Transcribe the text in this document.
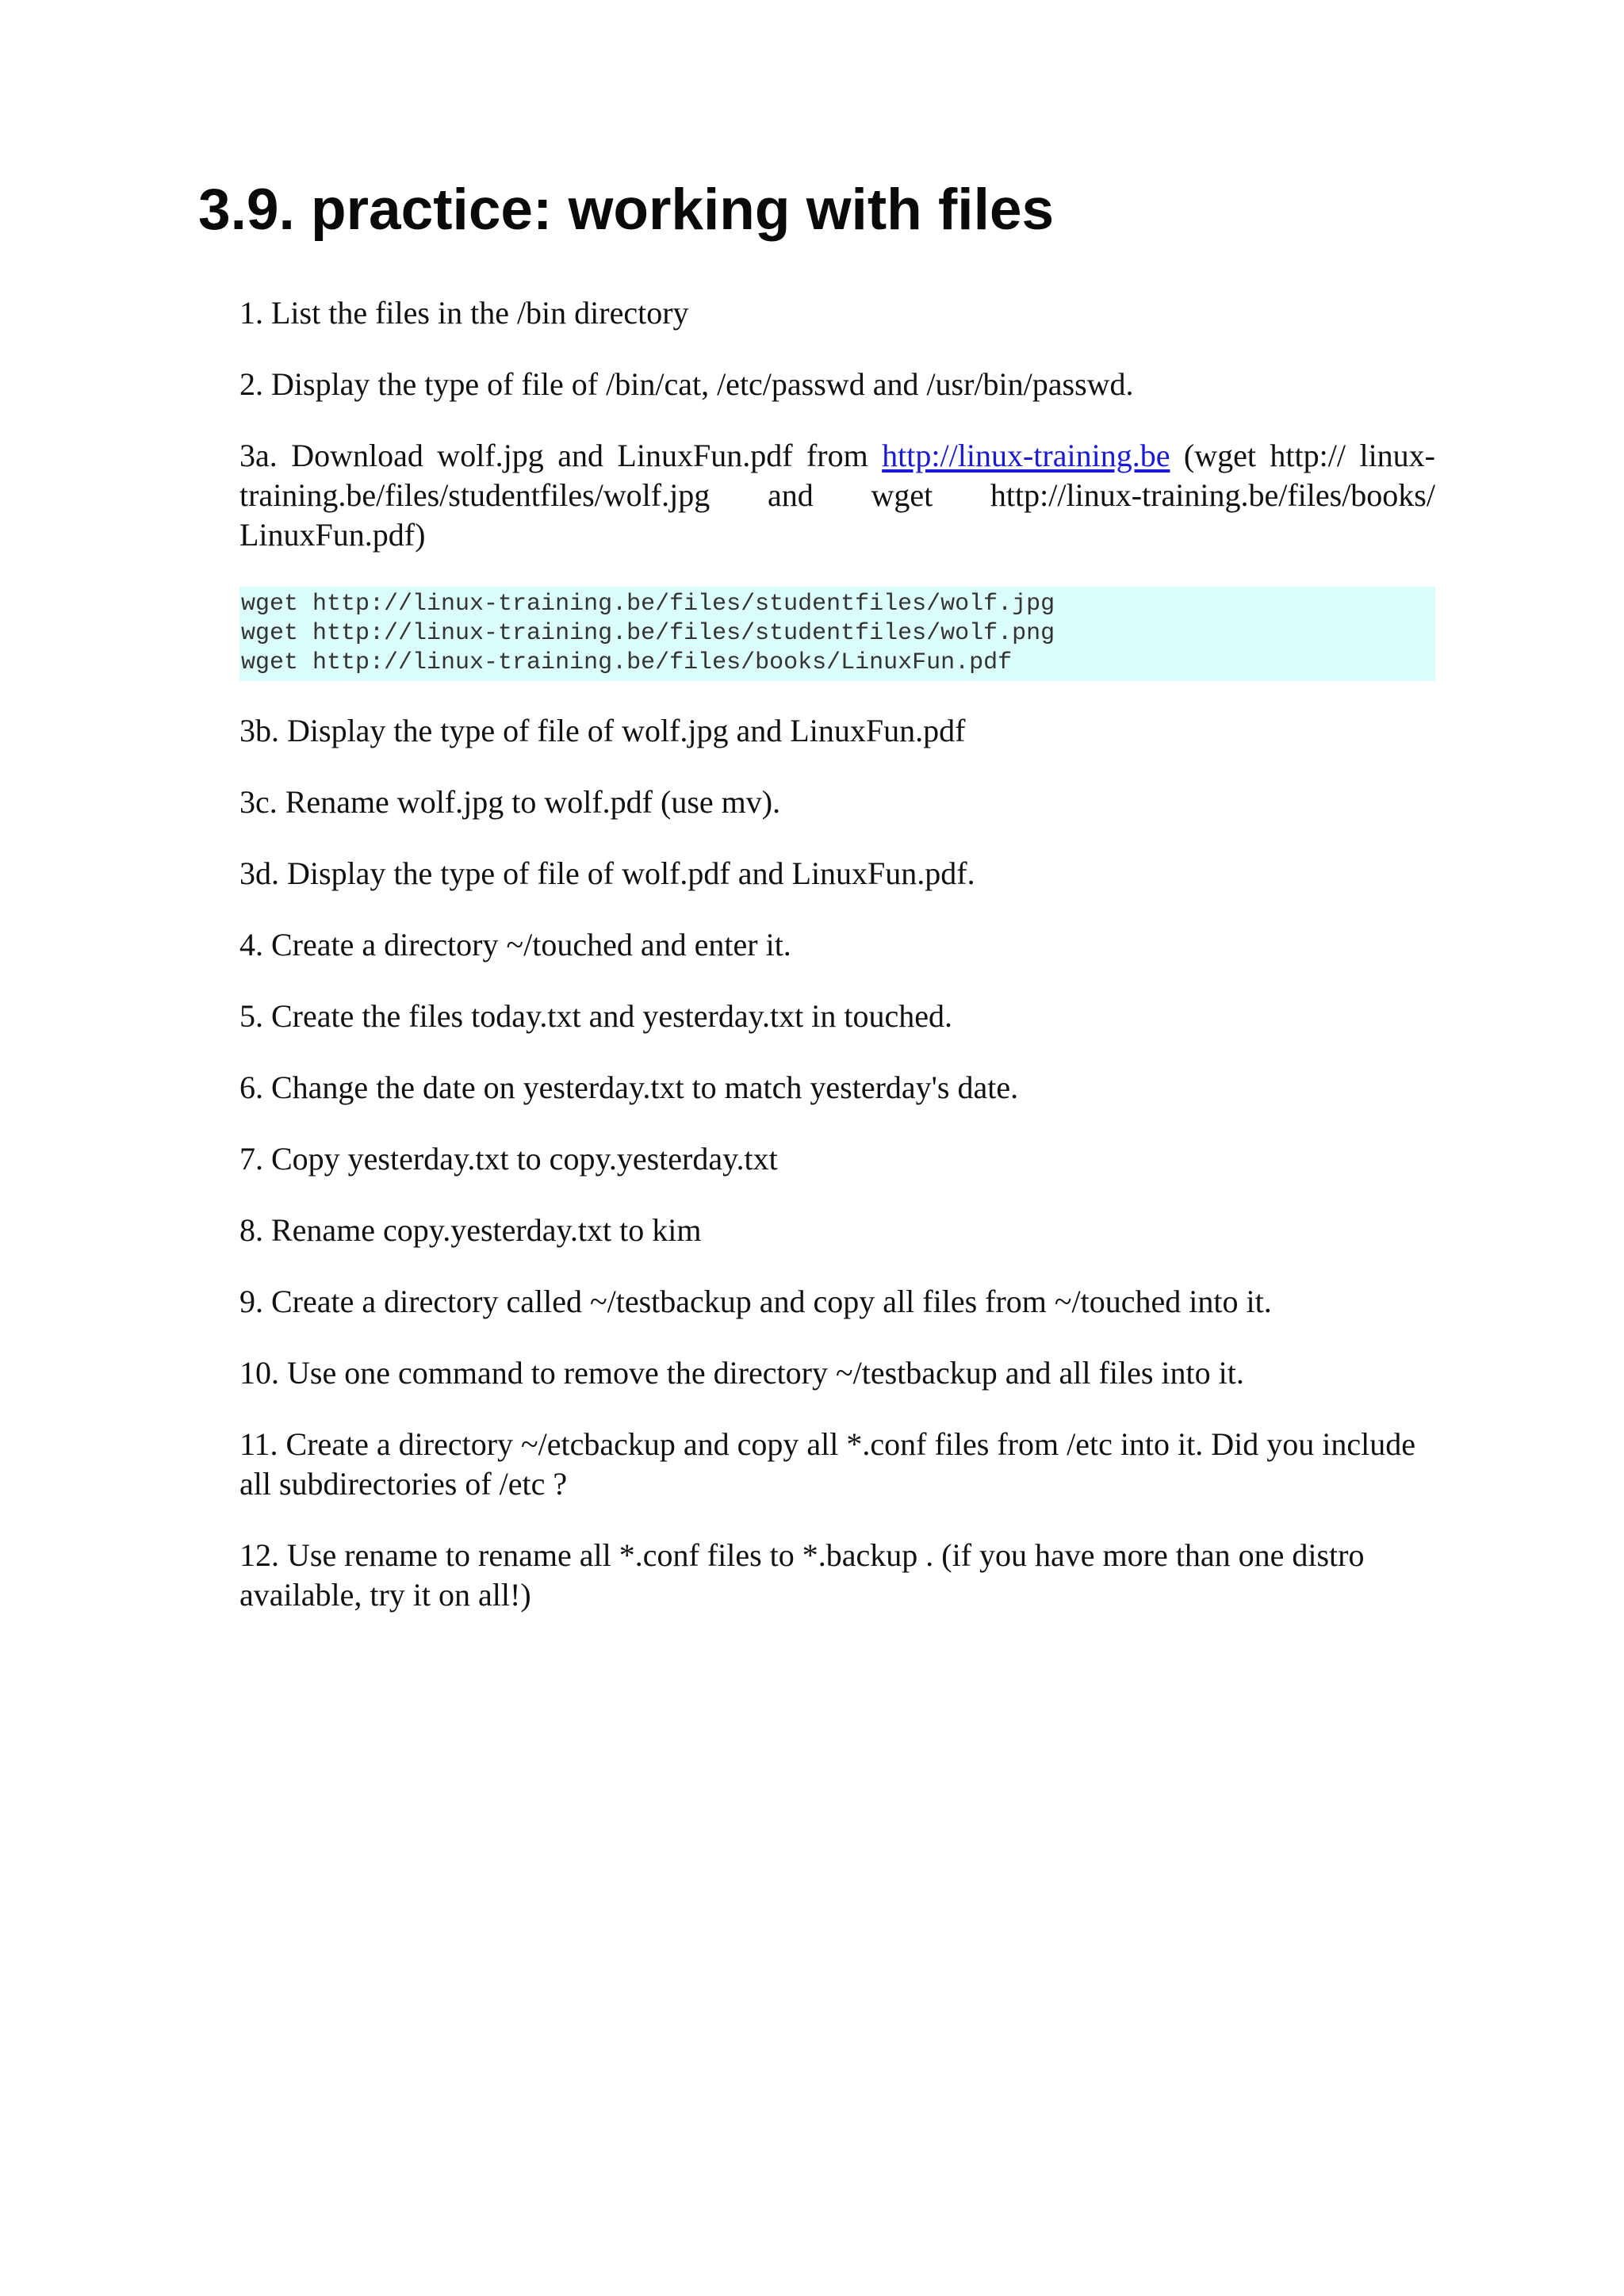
3.9. practice: working with files

1. List the files in the /bin directory

2. Display the type of file of /bin/cat, /etc/passwd and /usr/bin/passwd.

3a. Download wolf.jpg and LinuxFun.pdf from http://linux-training.be (wget http:// linux-training.be/files/studentfiles/wolf.jpg and wget http://linux-training.be/files/books/ LinuxFun.pdf)

wget http://linux-training.be/files/studentfiles/wolf.jpg
wget http://linux-training.be/files/studentfiles/wolf.png
wget http://linux-training.be/files/books/LinuxFun.pdf

3b. Display the type of file of wolf.jpg and LinuxFun.pdf

3c. Rename wolf.jpg to wolf.pdf (use mv).

3d. Display the type of file of wolf.pdf and LinuxFun.pdf.

4. Create a directory ~/touched and enter it.

5. Create the files today.txt and yesterday.txt in touched.

6. Change the date on yesterday.txt to match yesterday's date.

7. Copy yesterday.txt to copy.yesterday.txt

8. Rename copy.yesterday.txt to kim

9. Create a directory called ~/testbackup and copy all files from ~/touched into it.

10. Use one command to remove the directory ~/testbackup and all files into it.

11. Create a directory ~/etcbackup and copy all *.conf files from /etc into it. Did you include all subdirectories of /etc ?

12. Use rename to rename all *.conf files to *.backup . (if you have more than one distro available, try it on all!)
